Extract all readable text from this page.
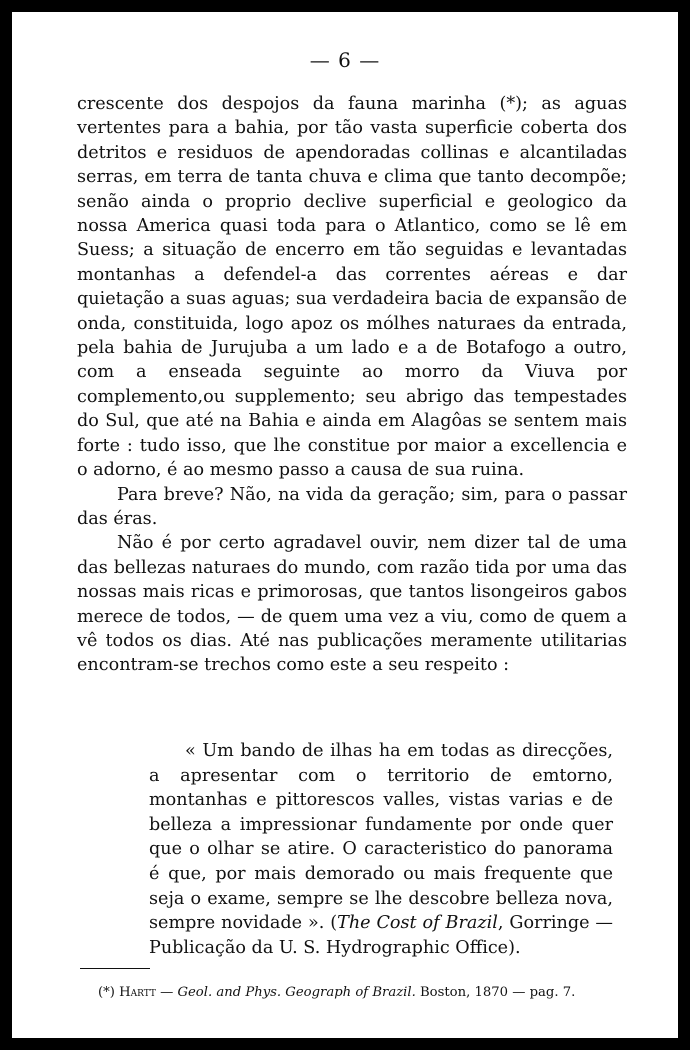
— 6 —

crescente dos despojos da fauna marinha (*); as aguas vertentes para a bahia, por tão vasta superficie coberta dos detritos e residuos de apendoradas collinas e alcantiladas serras, em terra de tanta chuva e clima que tanto decompõe; senão ainda o proprio declive superficial e geologico da nossa America quasi toda para o Atlantico, como se lê em Suess; a situação de encerro em tão seguidas e levantadas montanhas a defendel-a das correntes aéreas e dar quietação a suas aguas; sua verdadeira bacia de expansão de onda, constituida, logo apoz os mólhes naturaes da entrada, pela bahia de Jurujuba a um lado e a de Botafogo a outro, com a enseada seguinte ao morro da Viuva por complemento,ou supplemento; seu abrigo das tempestades do Sul, que até na Bahia e ainda em Alagôas se sentem mais forte : tudo isso, que lhe constitue por maior a excellencia e o adorno, é ao mesmo passo a causa de sua ruina.

Para breve? Não, na vida da geração; sim, para o passar das éras.

Não é por certo agradavel ouvir, nem dizer tal de uma das bellezas naturaes do mundo, com razão tida por uma das nossas mais ricas e primorosas, que tantos lisongeiros gabos merece de todos, — de quem uma vez a viu, como de quem a vê todos os dias. Até nas publicações meramente utilitarias encontram-se trechos como este a seu respeito :

« Um bando de ilhas ha em todas as direcções, a apresentar com o territorio de emtorno, montanhas e pittorescos valles, vistas varias e de belleza a impressionar fundamente por onde quer que o olhar se atire. O caracteristico do panorama é que, por mais demorado ou mais frequente que seja o exame, sempre se lhe descobre belleza nova, sempre novidade ». (The Cost of Brazil, Gorringe — Publicação da U. S. Hydrographic Office).

(*) Hartt — Geol. and Phys. Geograph of Brazil. Boston, 1870 — pag. 7.
